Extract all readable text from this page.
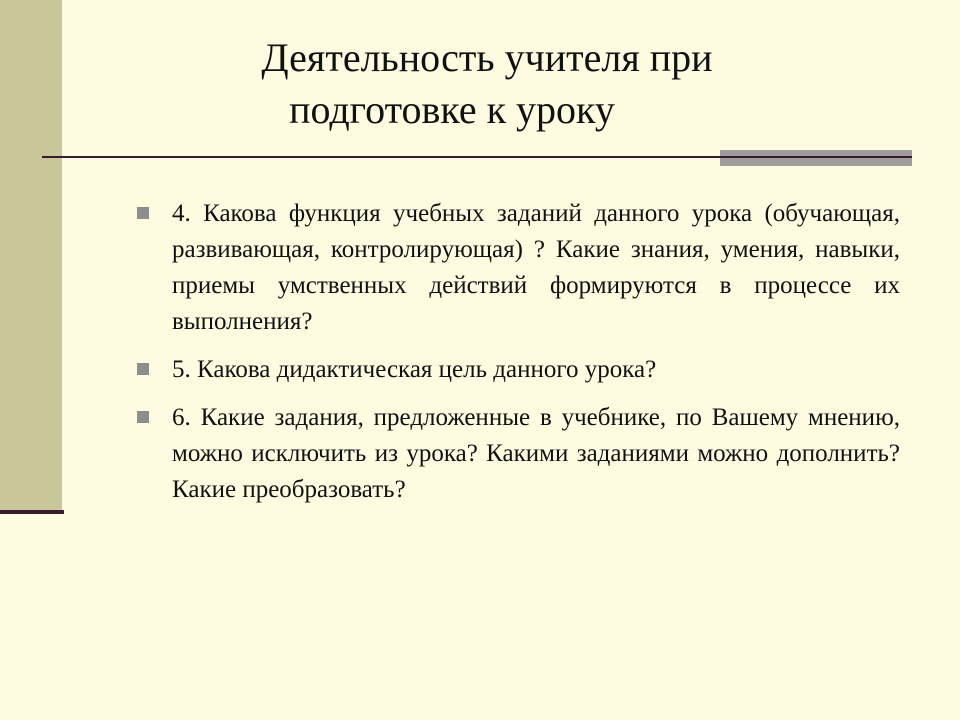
Деятельность учителя при
подготовке к уроку
4. Какова функция учебных заданий данного урока (обучающая, развивающая, контролирующая) ? Какие знания, умения, навыки, приемы умственных действий формируются в процессе их выполнения?
5. Какова дидактическая цель данного урока?
6. Какие задания, предложенные в учебнике, по Вашему мнению, можно исключить из урока? Какими заданиями можно дополнить? Какие преобразовать?
